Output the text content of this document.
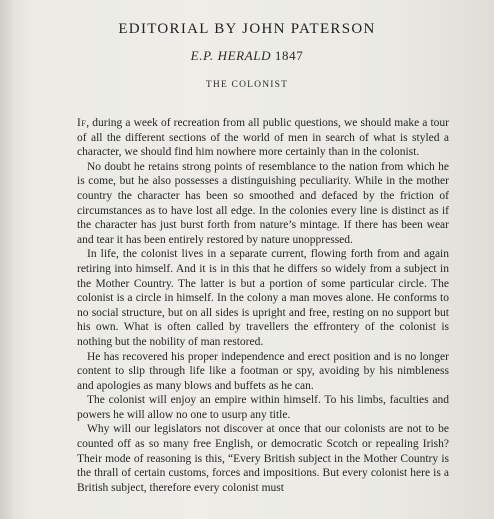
EDITORIAL BY JOHN PATERSON
E.P. HERALD 1847
THE COLONIST

If, during a week of recreation from all public questions, we should make a tour of all the different sections of the world of men in search of what is styled a character, we should find him nowhere more certainly than in the colonist.

No doubt he retains strong points of resemblance to the nation from which he is come, but he also possesses a distinguishing peculiarity. While in the mother country the character has been so smoothed and defaced by the friction of circumstances as to have lost all edge. In the colonies every line is distinct as if the character has just burst forth from nature’s mintage. If there has been wear and tear it has been entirely restored by nature unoppressed.

In life, the colonist lives in a separate current, flowing forth from and again retiring into himself. And it is in this that he differs so widely from a subject in the Mother Country. The latter is but a portion of some particular circle. The colonist is a circle in himself. In the colony a man moves alone. He conforms to no social structure, but on all sides is upright and free, resting on no support but his own. What is often called by travellers the effrontery of the colonist is nothing but the nobility of man restored.

He has recovered his proper independence and erect position and is no longer content to slip through life like a footman or spy, avoiding by his nimbleness and apologies as many blows and buffets as he can.

The colonist will enjoy an empire within himself. To his limbs, faculties and powers he will allow no one to usurp any title.

Why will our legislators not discover at once that our colonists are not to be counted off as so many free English, or democratic Scotch or repealing Irish? Their mode of reasoning is this, “Every British subject in the Mother Country is the thrall of certain customs, forces and impositions. But every colonist here is a British subject, therefore every colonist must
